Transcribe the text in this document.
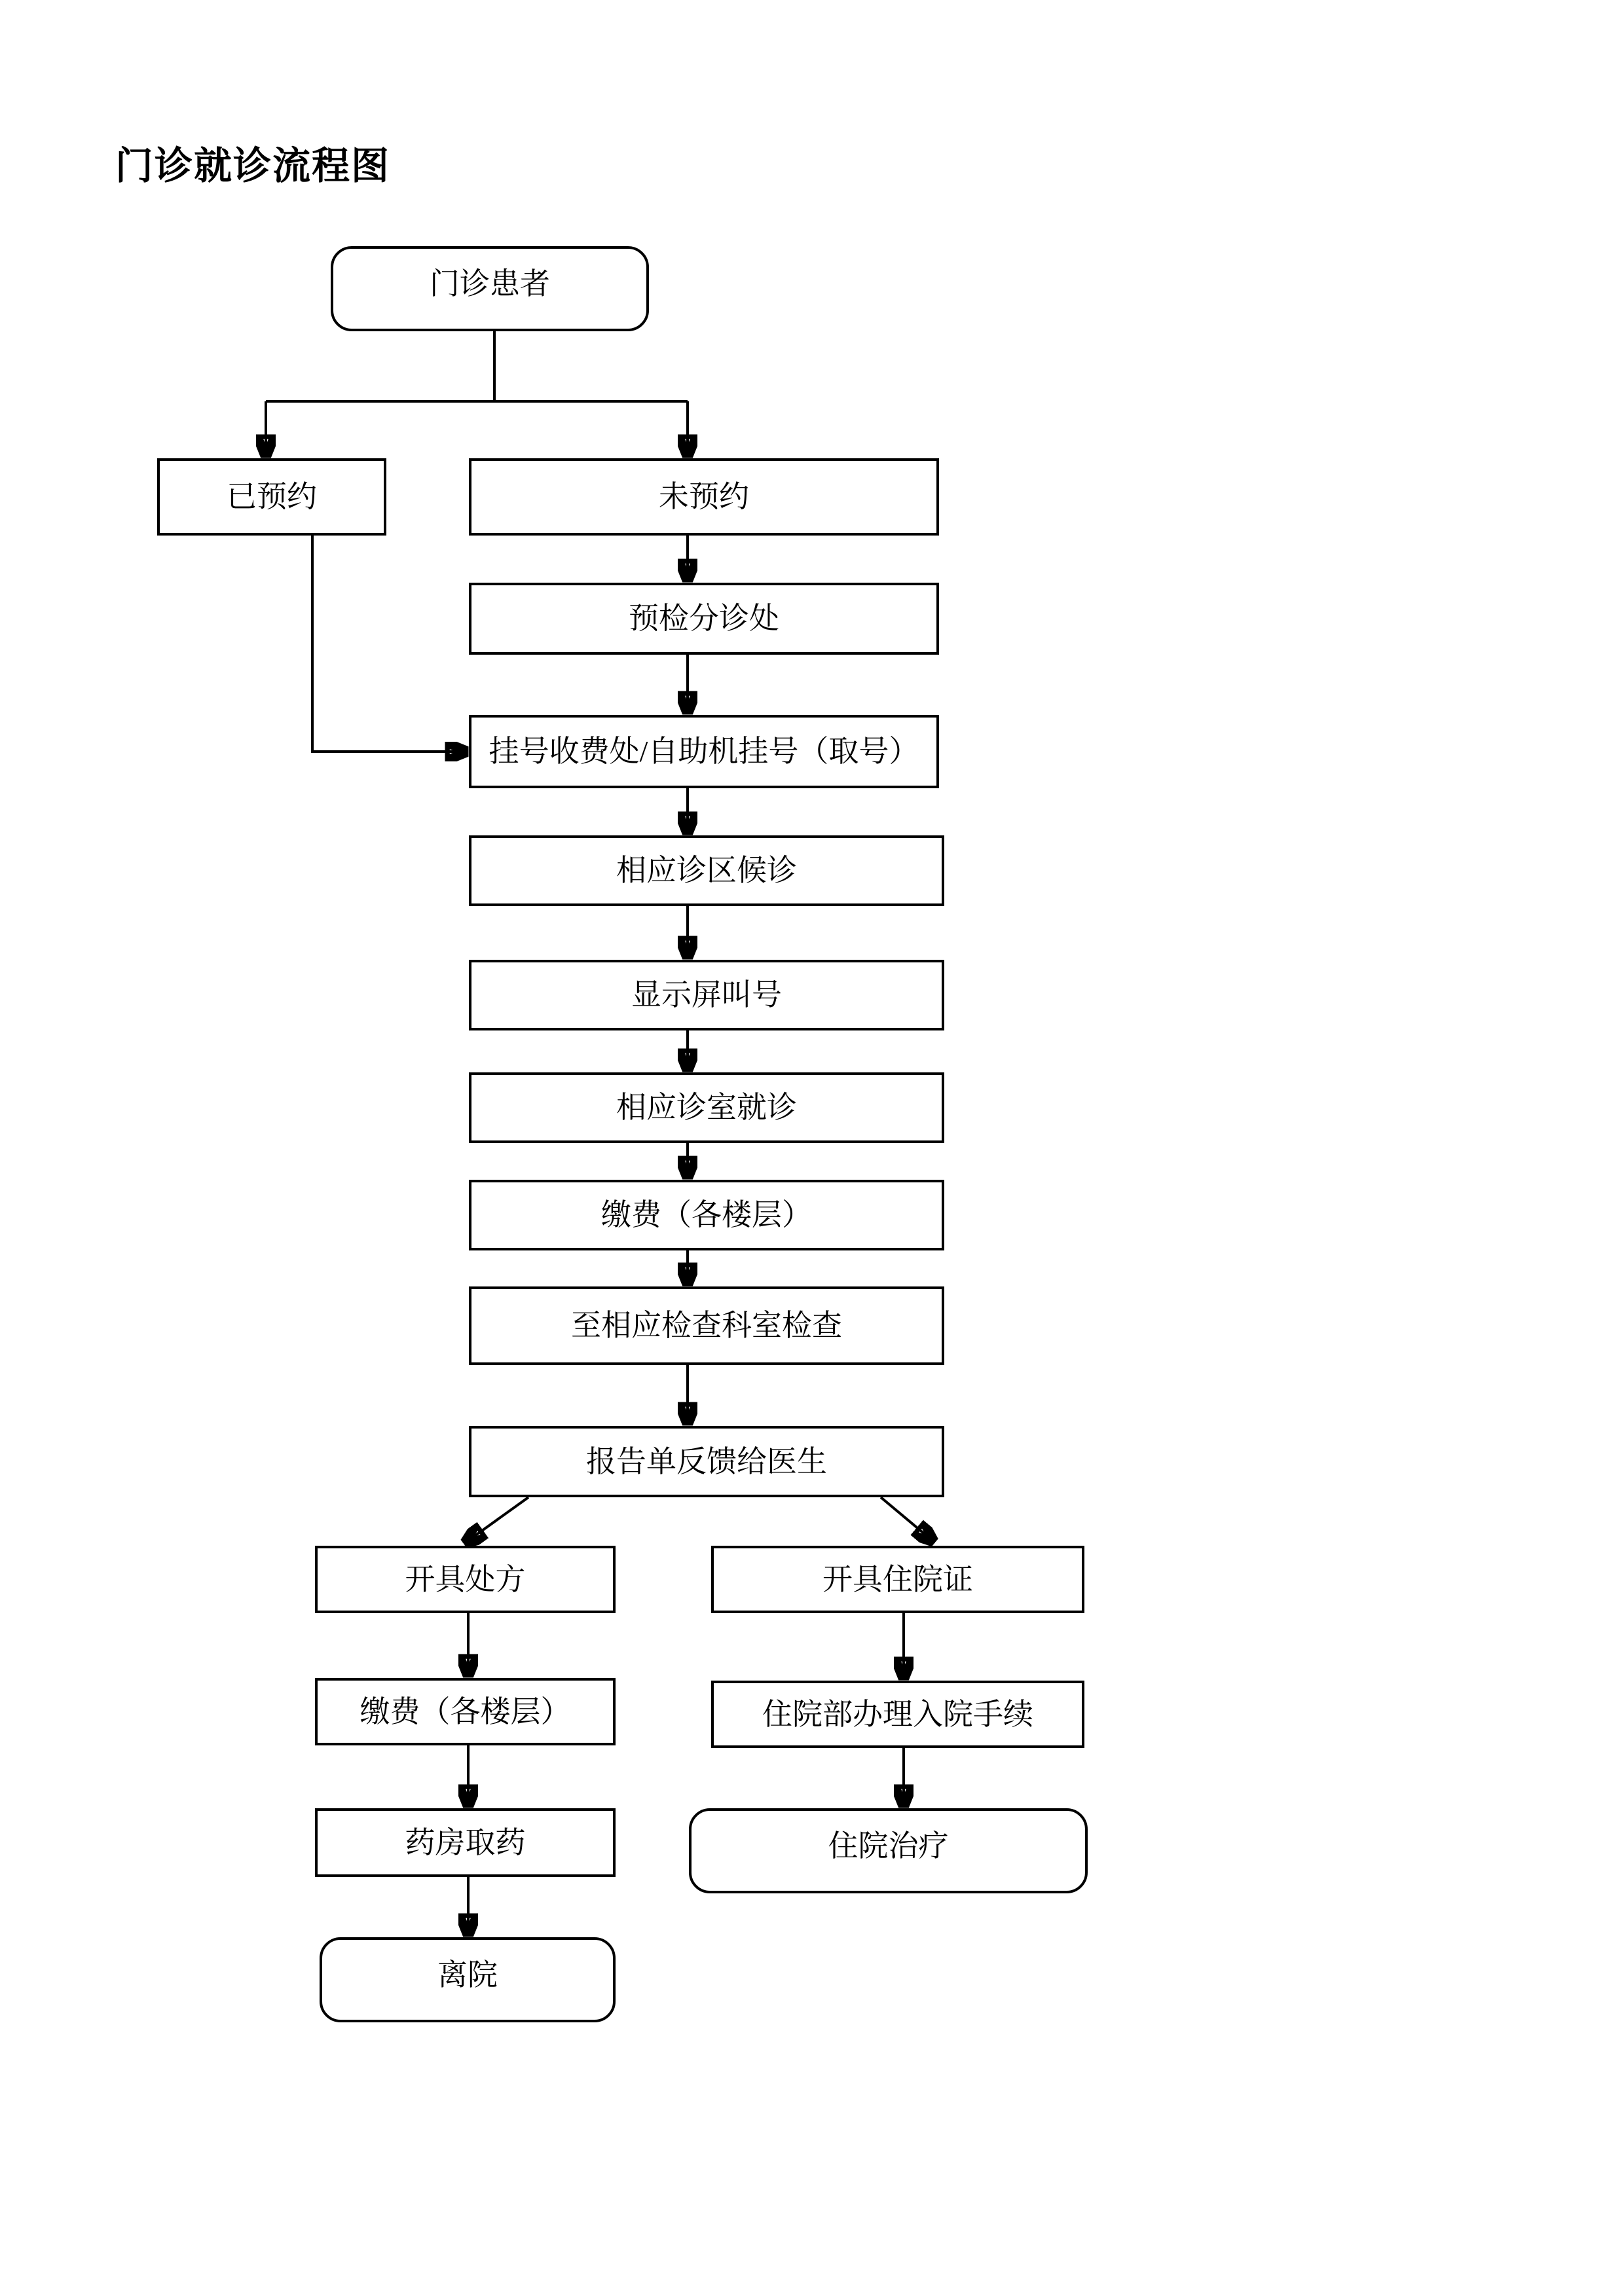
门诊就诊流程图
门诊患者
已预约	未预约
预检分诊处
挂号收费处/自助机挂号（取号）
相应诊区候诊
显示屏叫号
相应诊室就诊
缴费（各楼层）
至相应检查科室检查
报告单反馈给医生
开具处方	开具住院证
缴费（各楼层）	住院部办理入院手续
药房取药	住院治疗
离院
